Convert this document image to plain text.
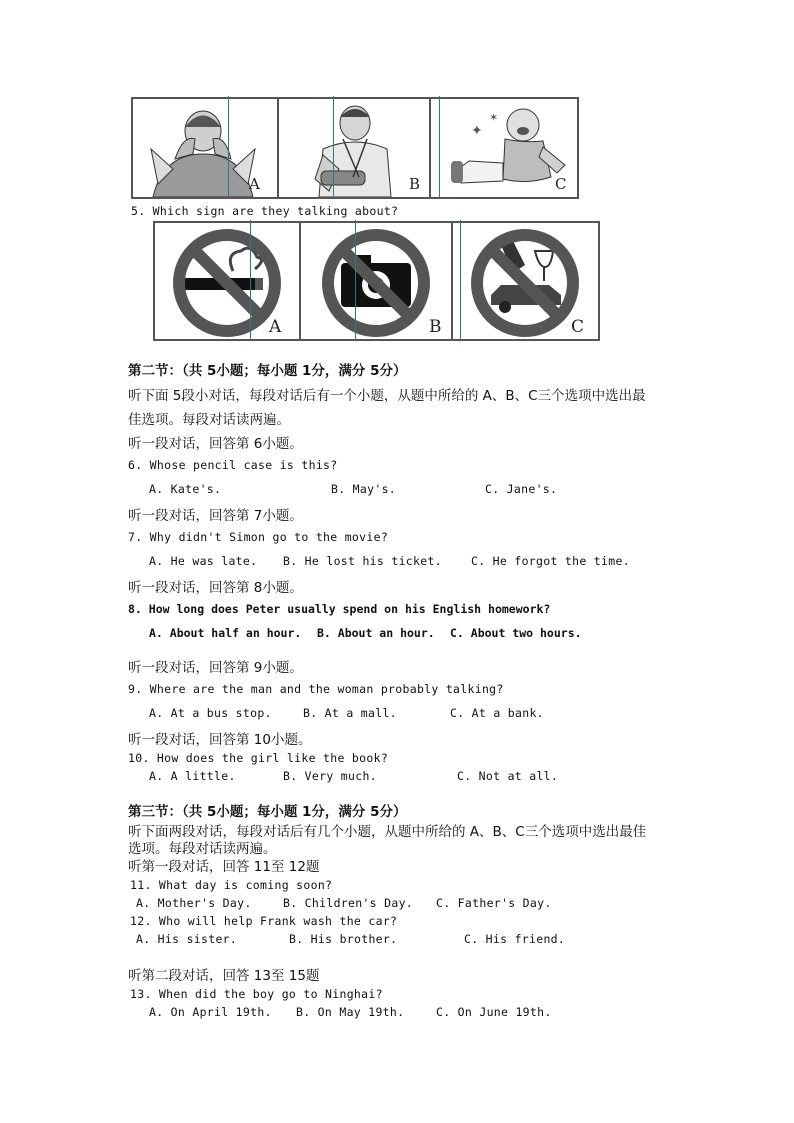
A	B
✦
✶
C
5. Which sign are they talking about?
A	B	C
第二节：（共 5小题；每小题 1分，满分 5分）
听下面 5段小对话，每段对话后有一个小题，从题中所给的 A、B、C三个选项中选出最
佳选项。每段对话读两遍。
听一段对话，回答第 6小题。
6. Whose pencil case is this?
A. Kate's.	B. May's.	C. Jane's.
听一段对话，回答第 7小题。
7. Why didn't Simon go to the movie?
A. He was late. B. He lost his ticket.	C. He forgot the time.
听一段对话，回答第 8小题。
8. How long does Peter usually spend on his English homework?
A. About half an hour. B. About an hour. C. About two hours.
听一段对话，回答第 9小题。
9. Where are the man and the woman probably talking?
A. At a bus stop.	B. At a mall.	C. At a bank.
听一段对话，回答第 10小题。
10. How does the girl like the book?
A. A little.	B. Very much.	C. Not at all.
第三节：（共 5小题；每小题 1分，满分 5分）
听下面两段对话，每段对话后有几个小题，从题中所给的 A、B、C三个选项中选出最佳
选项。每段对话读两遍。
听第一段对话，回答 11至 12题
11. What day is coming soon?
A. Mother's Day.	B. Children's Day. C. Father's Day.
12. Who will help Frank wash the car?
A. His sister.	B. His brother.	C. His friend.
听第二段对话，回答 13至 15题
13. When did the boy go to Ninghai?
A. On April 19th. B. On May 19th.	C. On June 19th.
